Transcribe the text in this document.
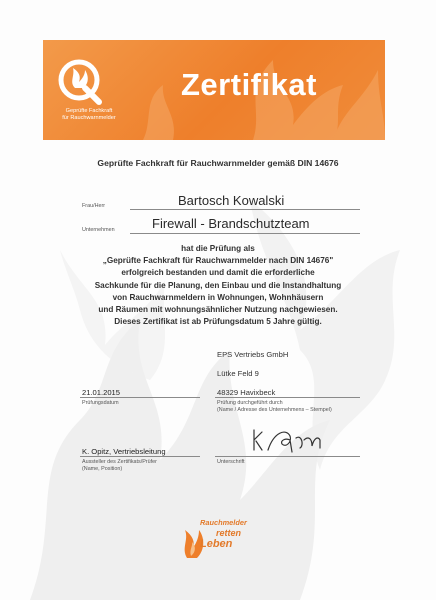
Geprüfte Fachkraft
für Rauchwarnmelder
Zertifikat
Geprüfte Fachkraft für Rauchwarnmelder gemäß DIN 14676
Frau/Herr	Bartosch Kowalski
Unternehmen	Firewall - Brandschutzteam
hat die Prüfung als
„Geprüfte Fachkraft für Rauchwarnmelder nach DIN 14676"
erfolgreich bestanden und damit die erforderliche
Sachkunde für die Planung, den Einbau und die Instandhaltung
von Rauchwarnmeldern in Wohnungen, Wohnhäusern
und Räumen mit wohnungsähnlicher Nutzung nachgewiesen.
Dieses Zertifikat ist ab Prüfungsdatum 5 Jahre gültig.
EPS Vertriebs GmbH
Lütke Feld 9
48329 Havixbeck
Prüfung durchgeführt durch
(Name / Adresse des Unternehmens – Stempel)
21.01.2015
Prüfungsdatum
K. Opitz, Vertriebsleitung
Aussteller des Zertifikats/Prüfer
(Name, Position)
Unterschrift
Rauchmelder
retten
Leben
